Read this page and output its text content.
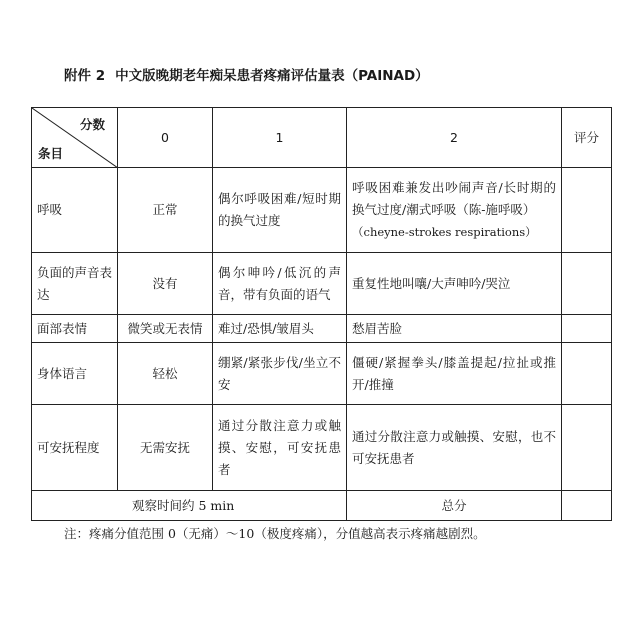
附件 2 中文版晚期老年痴呆患者疼痛评估量表（PAINAD）
分数
条目	0	1	2	评分
呼吸	正常	偶尔呼吸困难/短时期的换气过度	呼吸困难兼发出吵闹声音/长时期的换气过度/潮式呼吸（陈-施呼吸）
（cheyne-strokes respirations）	

负面的声音表达	没有	偶尔呻吟/低沉的声音，带有负面的语气	重复性地叫嚷/大声呻吟/哭泣	
面部表情	微笑或无表情	难过/恐惧/皱眉头	愁眉苦脸	
身体语言	轻松	绷紧/紧张步伐/坐立不安	僵硬/紧握拳头/膝盖提起/拉扯或推开/推撞	
可安抚程度	无需安抚	通过分散注意力或触摸、安慰，可安抚患者	通过分散注意力或触摸、安慰，也不可安抚患者	
观察时间约 5 min			总分	
注：疼痛分值范围 0（无痛）～10（极度疼痛），分值越高表示疼痛越剧烈。
